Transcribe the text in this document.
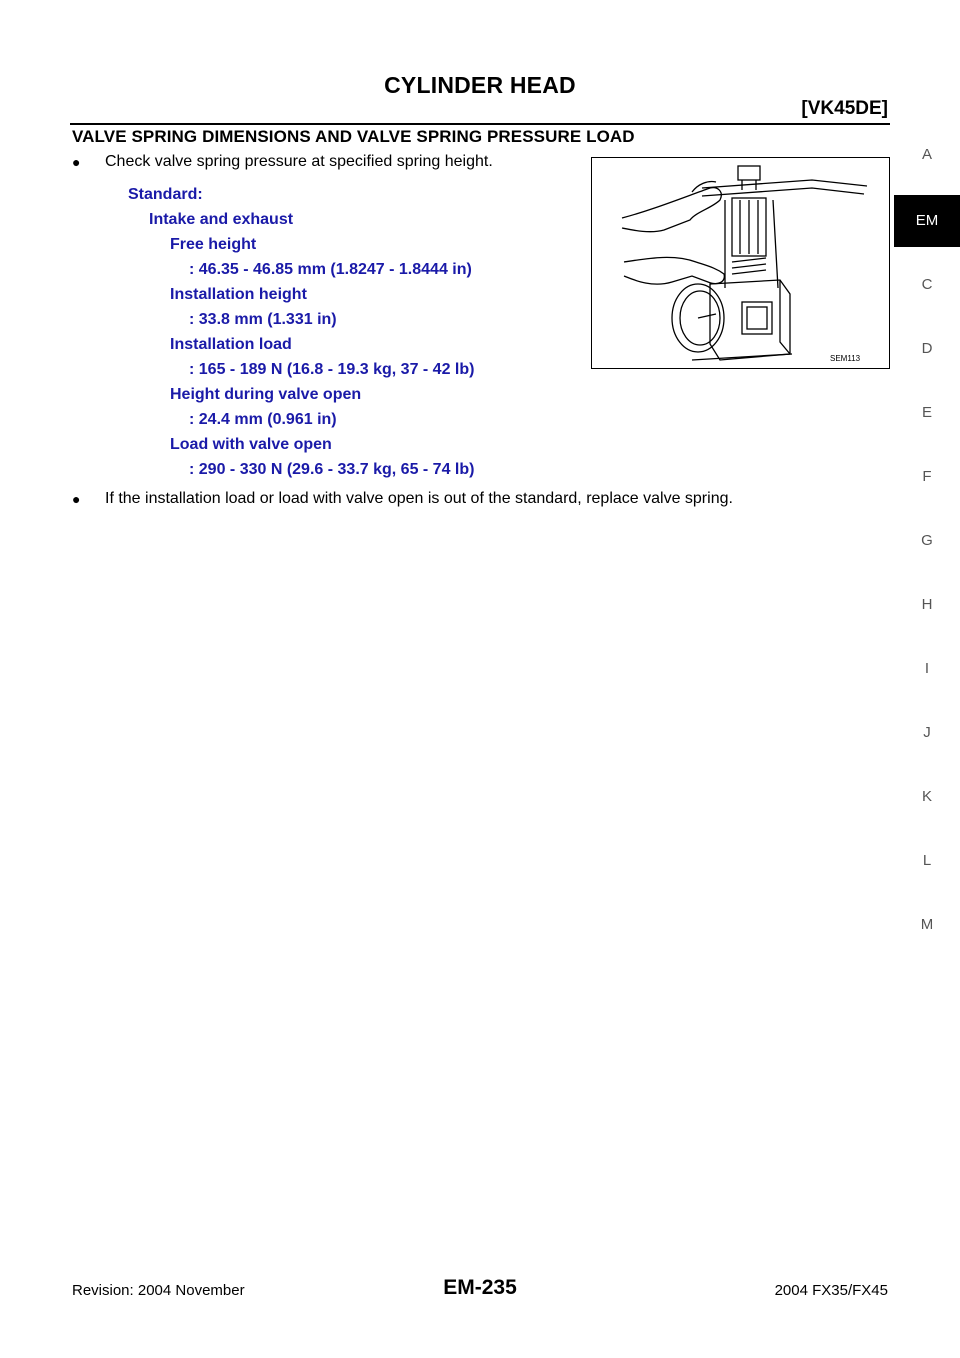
CYLINDER HEAD
[VK45DE]
VALVE SPRING DIMENSIONS AND VALVE SPRING PRESSURE LOAD
● Check valve spring pressure at specified spring height.
Standard:
Intake and exhaust
Free height
: 46.35 - 46.85 mm (1.8247 - 1.8444 in)
Installation height
: 33.8 mm (1.331 in)
Installation load
: 165 - 189 N (16.8 - 19.3 kg, 37 - 42 lb)
Height during valve open
: 24.4 mm (0.961 in)
Load with valve open
: 290 - 330 N (29.6 - 33.7 kg, 65 - 74 lb)
SEM113
● If the installation load or load with valve open is out of the standard, replace valve spring.
A
EM
C
D
E
F
G
H
I
J
K
L
M
Revision: 2004 November	EM-235	2004 FX35/FX45
